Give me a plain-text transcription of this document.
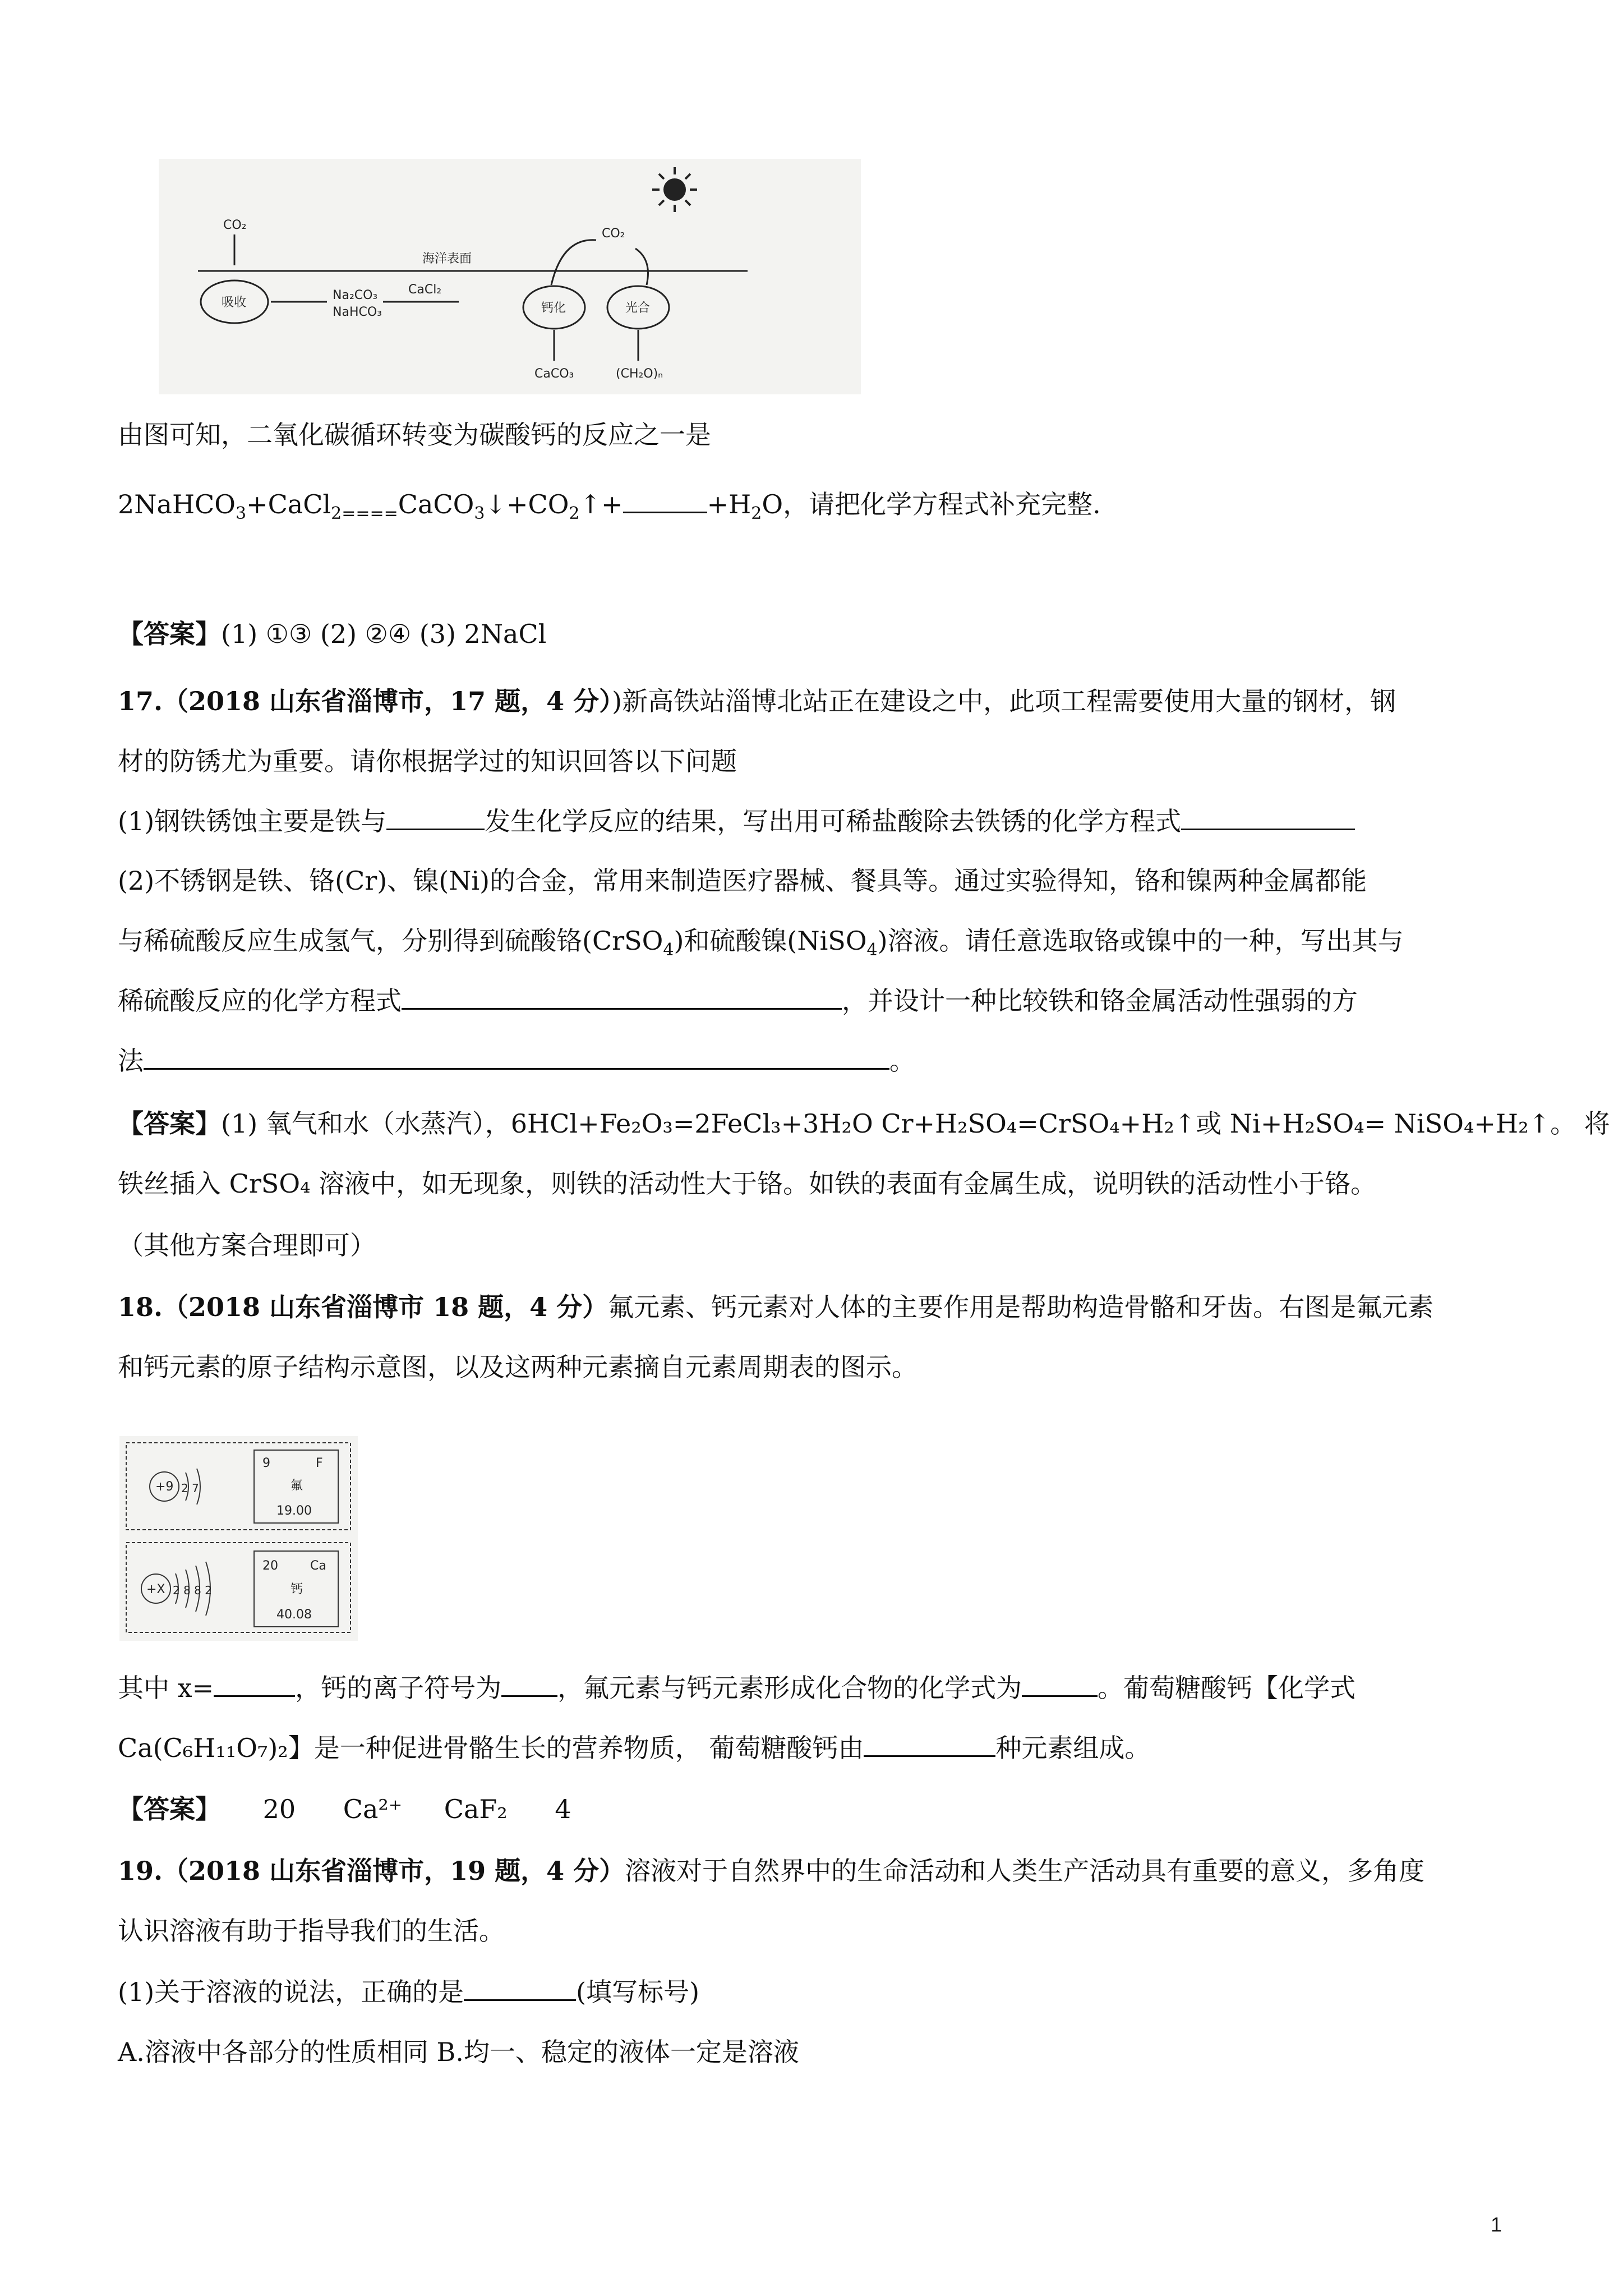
CO₂
CO₂
海洋表面
吸收
Na₂CO₃
NaHCO₃
CaCl₂
钙化	光合
CaCO₃	(CH₂O)ₙ
由图可知，二氧化碳循环转变为碳酸钙的反应之一是
$2NaHCO_3+CaCl_{2====}CaCO_3↓+CO_2↑+$	$+H_2O$，请把化学方程式补充完整.
【答案】(1) ①③ (2) ②④ (3) 2NaCl
17.（2018 山东省淄博市，17 题，4 分）)新高铁站淄博北站正在建设之中，此项工程需要使用大量的钢材，钢
材的防锈尤为重要。请你根据学过的知识回答以下问题
(1)钢铁锈蚀主要是铁与	发生化学反应的结果，写出用可稀盐酸除去铁锈的化学方程式
(2)不锈钢是铁、铬(Cr)、镍(Ni)的合金，常用来制造医疗器械、餐具等。通过实验得知，铬和镍两种金属都能
与稀硫酸反应生成氢气，分别得到硫酸铬(CrSO$_4$)和硫酸镍(NiSO$_4$)溶液。请任意选取铬或镍中的一种，写出其与
稀硫酸反应的化学方程式	，并设计一种比较铁和铬金属活动性强弱的方
法	。
【答案】(1) 氧气和水（水蒸汽），6HCl+Fe₂O₃=2FeCl₃+3H₂O Cr+H₂SO₄=CrSO₄+H₂↑或 Ni+H₂SO₄= NiSO₄+H₂↑。 将
铁丝插入 CrSO₄ 溶液中，如无现象，则铁的活动性大于铬。如铁的表面有金属生成，说明铁的活动性小于铬。
（其他方案合理即可）
18.（2018 山东省淄博市 18 题，4 分）氟元素、钙元素对人体的主要作用是帮助构造骨骼和牙齿。右图是氟元素
和钙元素的原子结构示意图，以及这两种元素摘自元素周期表的图示。
+9 2 7
9	F
氟
19.00
+X 2 8 8 2
20	Ca
钙
40.08
其中 x=	，钙的离子符号为 ，氟元素与钙元素形成化合物的化学式为	。葡萄糖酸钙【化学式
Ca(C₆H₁₁O₇)₂】是一种促进骨骼生长的营养物质， 葡萄糖酸钙由	种元素组成。
【答案】 20 Ca²⁺ CaF₂ 4
19.（2018 山东省淄博市，19 题，4 分）溶液对于自然界中的生命活动和人类生产活动具有重要的意义，多角度
认识溶液有助于指导我们的生活。
(1)关于溶液的说法，正确的是	(填写标号)
A.溶液中各部分的性质相同 B.均一、稳定的液体一定是溶液
1
